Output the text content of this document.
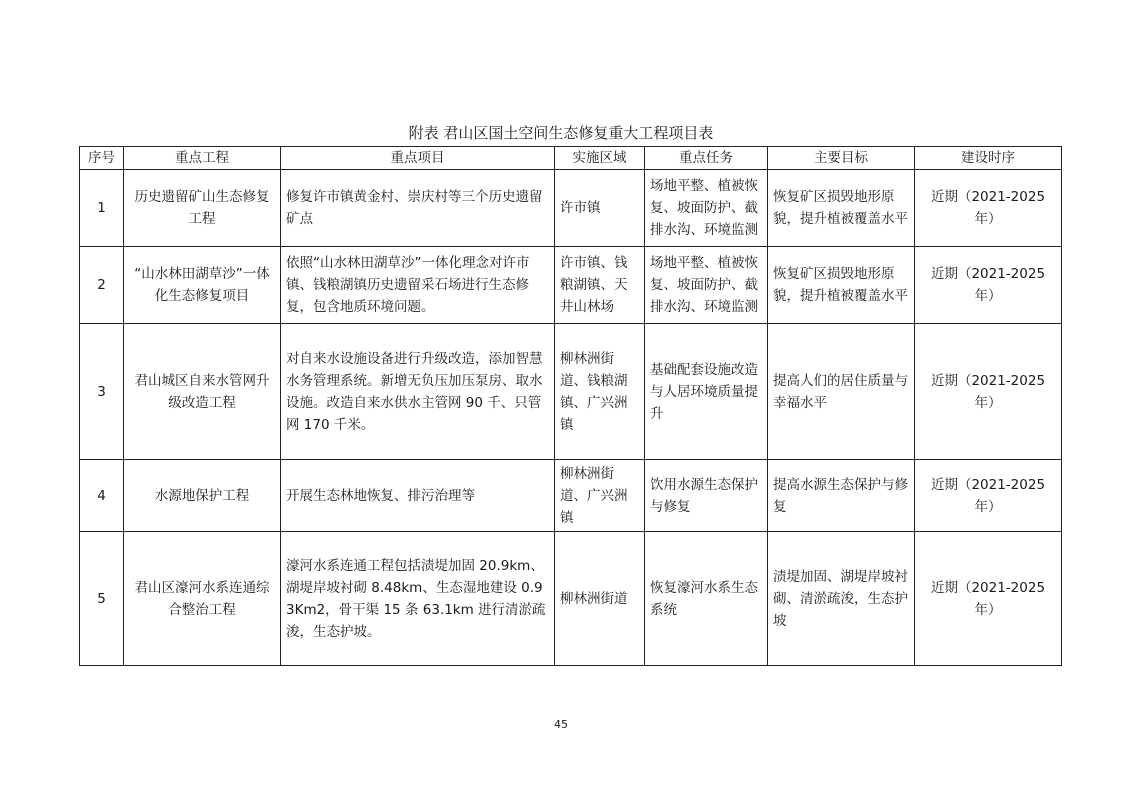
附表 君山区国土空间生态修复重大工程项目表
序号	重点工程	重点项目	实施区域	重点任务	主要目标	建设时序
1	历史遗留矿山生态修复工程	修复许市镇黄金村、崇庆村等三个历史遗留矿点	许市镇	场地平整、植被恢复、坡面防护、截排水沟、环境监测	恢复矿区损毁地形原貌，提升植被覆盖水平	近期（2021-2025 年）
2	“山水林田湖草沙”一体化生态修复项目	依照“山水林田湖草沙”一体化理念对许市镇、钱粮湖镇历史遗留采石场进行生态修复，包含地质环境问题。	许市镇、钱粮湖镇、天井山林场	场地平整、植被恢复、坡面防护、截排水沟、环境监测	恢复矿区损毁地形原貌，提升植被覆盖水平	近期（2021-2025 年）
3	君山城区自来水管网升级改造工程	对自来水设施设备进行升级改造，添加智慧水务管理系统。新增无负压加压泵房、取水设施。改造自来水供水主管网 90 千、只管网 170 千米。	柳林洲街道、钱粮湖镇、广兴洲镇	基础配套设施改造与人居环境质量提升	提高人们的居住质量与幸福水平	近期（2021-2025 年）
4	水源地保护工程	开展生态林地恢复、排污治理等	柳林洲街道、广兴洲镇	饮用水源生态保护与修复	提高水源生态保护与修复	近期（2021-2025 年）
5	君山区濠河水系连通综合整治工程	濠河水系连通工程包括渍堤加固 20.9km、湖堤岸坡衬砌 8.48km、生态湿地建设 0.93Km2，骨干渠 15 条 63.1km 进行清淤疏浚，生态护坡。	柳林洲街道	恢复濠河水系生态系统	渍堤加固、湖堤岸坡衬砌、清淤疏浚，生态护坡	近期（2021-2025 年）
45
